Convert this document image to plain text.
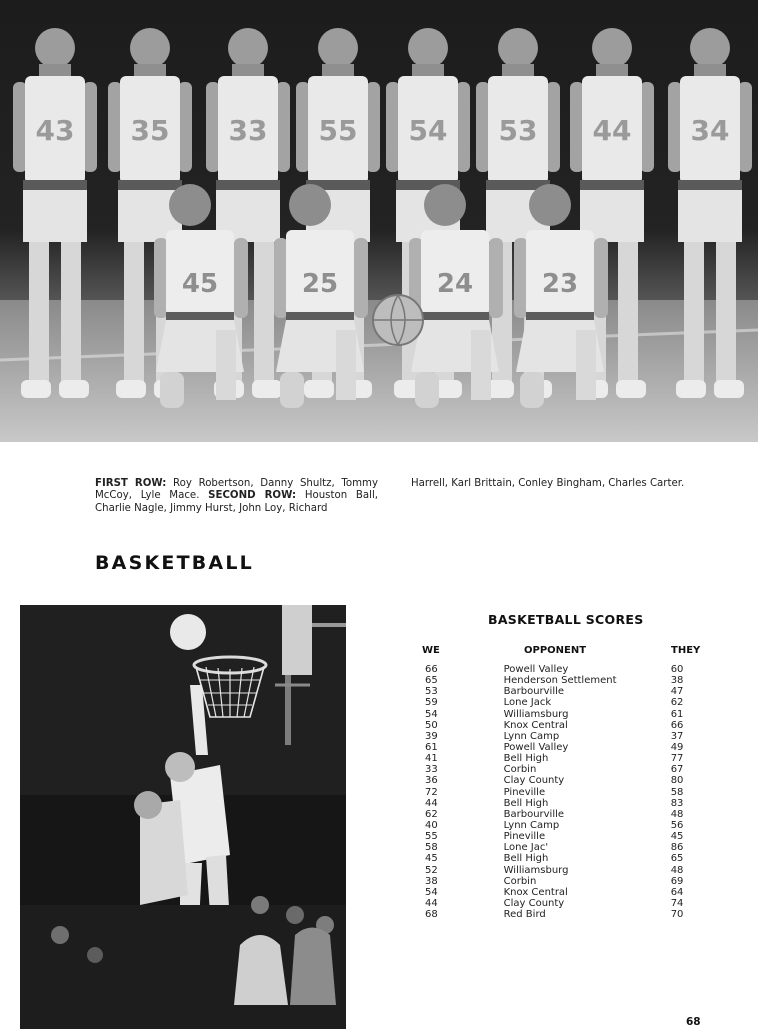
43 35 33 55 54 53 44 34
45	25	24	23
FIRST ROW: Roy Robertson, Danny Shultz, Tommy McCoy, Lyle Mace. SECOND ROW: Houston Ball, Charlie Nagle, Jimmy Hurst, John Loy, Richard
Harrell, Karl Brittain, Conley Bingham, Charles Carter.
BASKETBALL
BASKETBALL SCORES
WE	OPPONENT	THEY
66	Powell Valley	60
65	Henderson Settlement	38
53	Barbourville	47
59	Lone Jack	62
54	Williamsburg	61
50	Knox Central	66
39	Lynn Camp	37
61	Powell Valley	49
41	Bell High	77
33	Corbin	67
36	Clay County	80
72	Pineville	58
44	Bell High	83
62	Barbourville	48
40	Lynn Camp	56
55	Pineville	45
58	Lone Jac'	86
45	Bell High	65
52	Williamsburg	48
38	Corbin	69
54	Knox Central	64
44	Clay County	74
68	Red Bird	70
68
